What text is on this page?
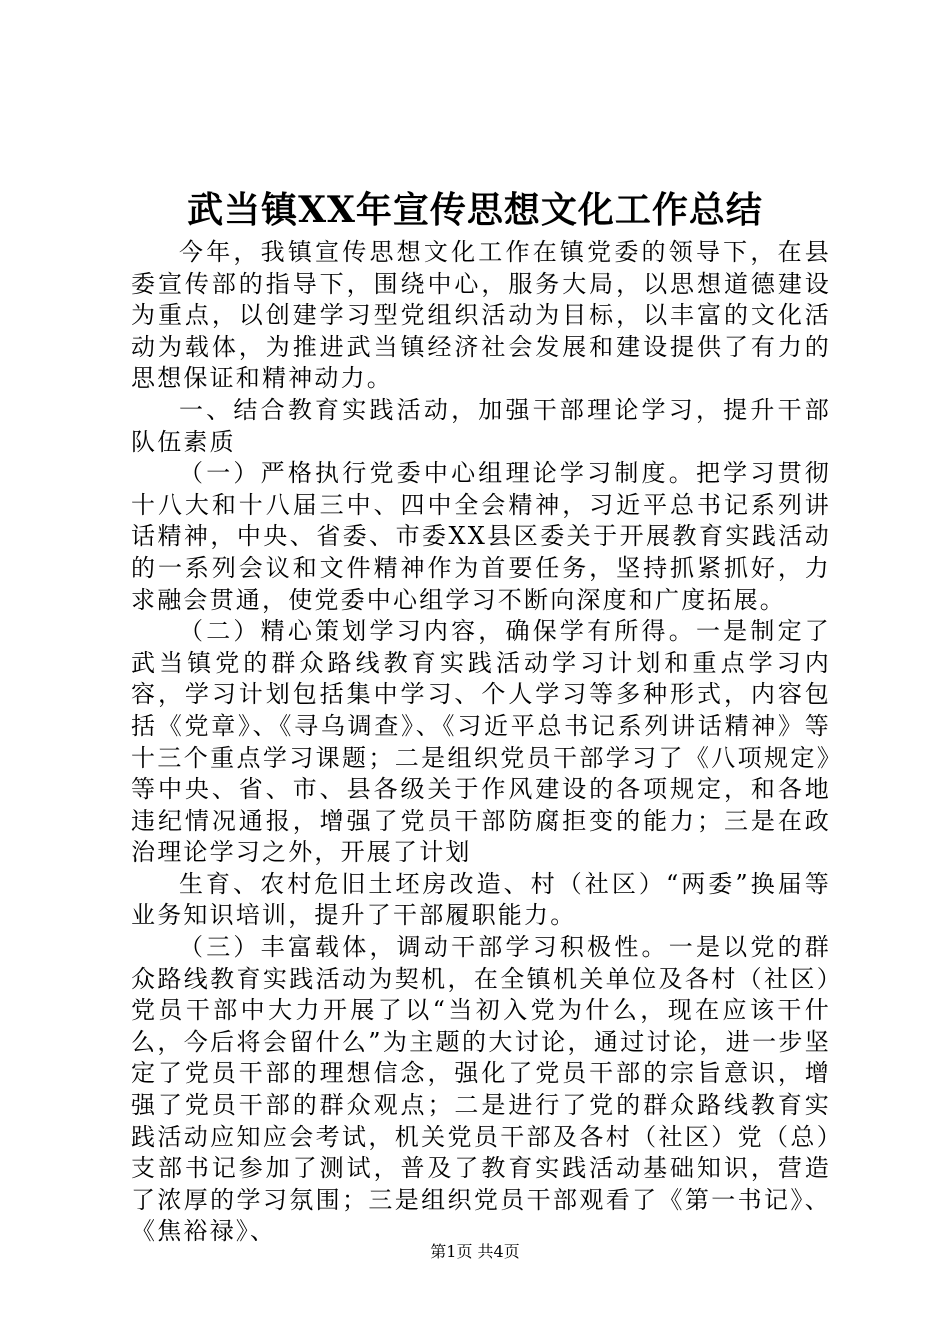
武当镇XX年宣传思想文化工作总结

今年，我镇宣传思想文化工作在镇党委的领导下，在县委宣传部的指导下，围绕中心，服务大局，以思想道德建设为重点，以创建学习型党组织活动为目标，以丰富的文化活动为载体，为推进武当镇经济社会发展和建设提供了有力的思想保证和精神动力。

一、结合教育实践活动，加强干部理论学习，提升干部队伍素质

（一）严格执行党委中心组理论学习制度。把学习贯彻十八大和十八届三中、四中全会精神，习近平总书记系列讲话精神，中央、省委、市委XX县区委关于开展教育实践活动的一系列会议和文件精神作为首要任务，坚持抓紧抓好，力求融会贯通，使党委中心组学习不断向深度和广度拓展。

（二）精心策划学习内容，确保学有所得。一是制定了武当镇党的群众路线教育实践活动学习计划和重点学习内容，学习计划包括集中学习、个人学习等多种形式，内容包括《党章》、《寻乌调查》、《习近平总书记系列讲话精神》等十三个重点学习课题；二是组织党员干部学习了《八项规定》等中央、省、市、县各级关于作风建设的各项规定，和各地违纪情况通报，增强了党员干部防腐拒变的能力；三是在政治理论学习之外，开展了计划

生育、农村危旧土坯房改造、村（社区）“两委”换届等业务知识培训，提升了干部履职能力。

（三）丰富载体，调动干部学习积极性。一是以党的群众路线教育实践活动为契机，在全镇机关单位及各村（社区）党员干部中大力开展了以“当初入党为什么，现在应该干什么，今后将会留什么”为主题的大讨论，通过讨论，进一步坚定了党员干部的理想信念，强化了党员干部的宗旨意识，增强了党员干部的群众观点；二是进行了党的群众路线教育实践活动应知应会考试，机关党员干部及各村（社区）党（总）支部书记参加了测试，普及了教育实践活动基础知识，营造了浓厚的学习氛围；三是组织党员干部观看了《第一书记》、《焦裕禄》、

第1页 共4页
